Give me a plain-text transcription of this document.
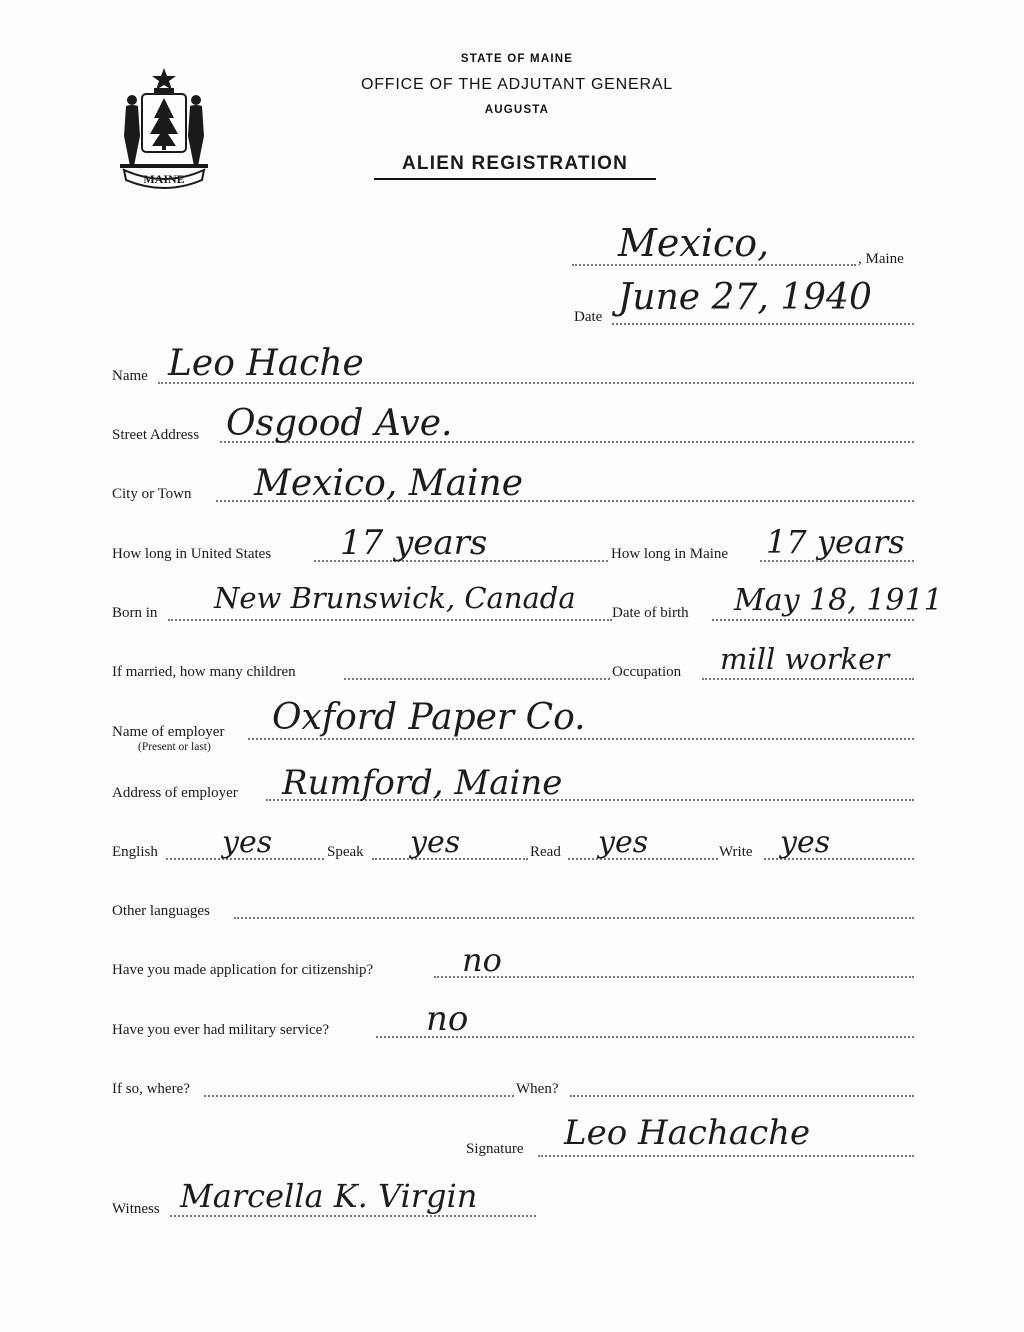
MAINE
STATE OF MAINE
OFFICE OF THE ADJUTANT GENERAL
AUGUSTA
ALIEN REGISTRATION
Mexico,	, Maine
Date June 27, 1940
Name Leo Hache
Street Address Osgood Ave.
City or Town Mexico, Maine
How long in United States 17 years	How long in Maine 17 years
Born in New Brunswick, Canada Date of birth May 18, 1911
If married, how many children	Occupation mill worker
Name of employer
(Present or last)
Oxford Paper Co.
Address of employer Rumford, Maine
English yes	Speak yes	Read yes	Write yes
Other languages
Have you made application for citizenship?	no
Have you ever had military service?	no
If so, where?	When?
Signature Leo Hachache
Witness Marcella K. Virgin
